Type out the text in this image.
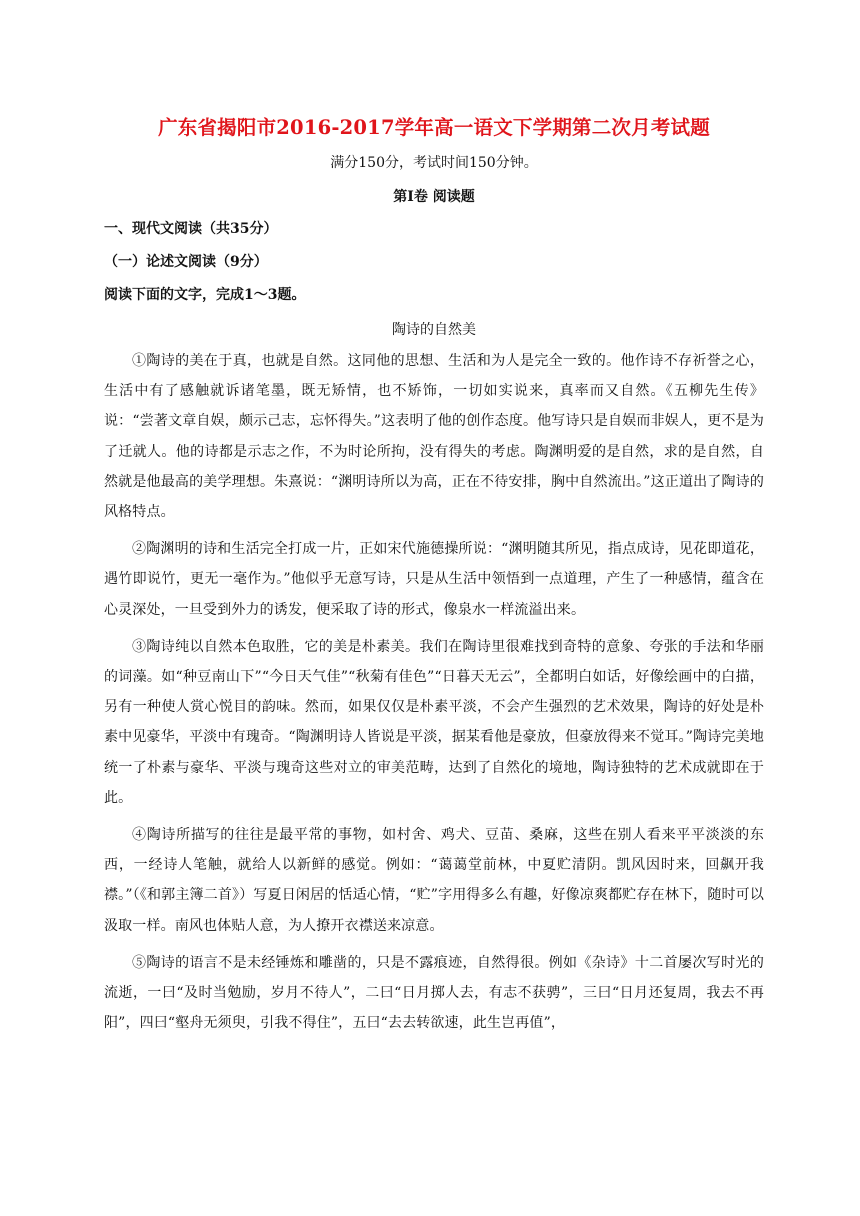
广东省揭阳市2016-2017学年高一语文下学期第二次月考试题
满分150分，考试时间150分钟。
第Ⅰ卷 阅读题
一、现代文阅读（共35分）
（一）论述文阅读（9分）
阅读下面的文字，完成1～3题。
陶诗的自然美

①陶诗的美在于真，也就是自然。这同他的思想、生活和为人是完全一致的。他作诗不存祈誉之心，生活中有了感触就诉诸笔墨，既无矫情，也不矫饰，一切如实说来，真率而又自然。《五柳先生传》说：“尝著文章自娱，颇示己志，忘怀得失。”这表明了他的创作态度。他写诗只是自娱而非娱人，更不是为了迁就人。他的诗都是示志之作，不为时论所拘，没有得失的考虑。陶渊明爱的是自然，求的是自然，自然就是他最高的美学理想。朱熹说：“渊明诗所以为高，正在不待安排，胸中自然流出。”这正道出了陶诗的风格特点。

②陶渊明的诗和生活完全打成一片，正如宋代施德操所说：“渊明随其所见，指点成诗，见花即道花，遇竹即说竹，更无一毫作为。”他似乎无意写诗，只是从生活中领悟到一点道理，产生了一种感情，蕴含在心灵深处，一旦受到外力的诱发，便采取了诗的形式，像泉水一样流溢出来。

③陶诗纯以自然本色取胜，它的美是朴素美。我们在陶诗里很难找到奇特的意象、夸张的手法和华丽的词藻。如“种豆南山下”“今日天气佳”“秋菊有佳色”“日暮天无云”，全都明白如话，好像绘画中的白描，另有一种使人赏心悦目的韵味。然而，如果仅仅是朴素平淡，不会产生强烈的艺术效果，陶诗的好处是朴素中见豪华，平淡中有瑰奇。“陶渊明诗人皆说是平淡，据某看他是豪放，但豪放得来不觉耳。”陶诗完美地统一了朴素与豪华、平淡与瑰奇这些对立的审美范畴，达到了自然化的境地，陶诗独特的艺术成就即在于此。

④陶诗所描写的往往是最平常的事物，如村舍、鸡犬、豆苗、桑麻，这些在别人看来平平淡淡的东西，一经诗人笔触，就给人以新鲜的感觉。例如：“蔼蔼堂前林，中夏贮清阴。凯风因时来，回飙开我襟。”（《和郭主簿二首》）写夏日闲居的恬适心情，“贮”字用得多么有趣，好像凉爽都贮存在林下，随时可以汲取一样。南风也体贴人意，为人撩开衣襟送来凉意。

⑤陶诗的语言不是未经锤炼和雕凿的，只是不露痕迹，自然得很。例如《杂诗》十二首屡次写时光的流逝，一曰“及时当勉励，岁月不待人”，二曰“日月掷人去，有志不获骋”，三曰“日月还复周，我去不再阳”，四曰“壑舟无须臾，引我不得住”，五曰“去去转欲速，此生岂再值”，
